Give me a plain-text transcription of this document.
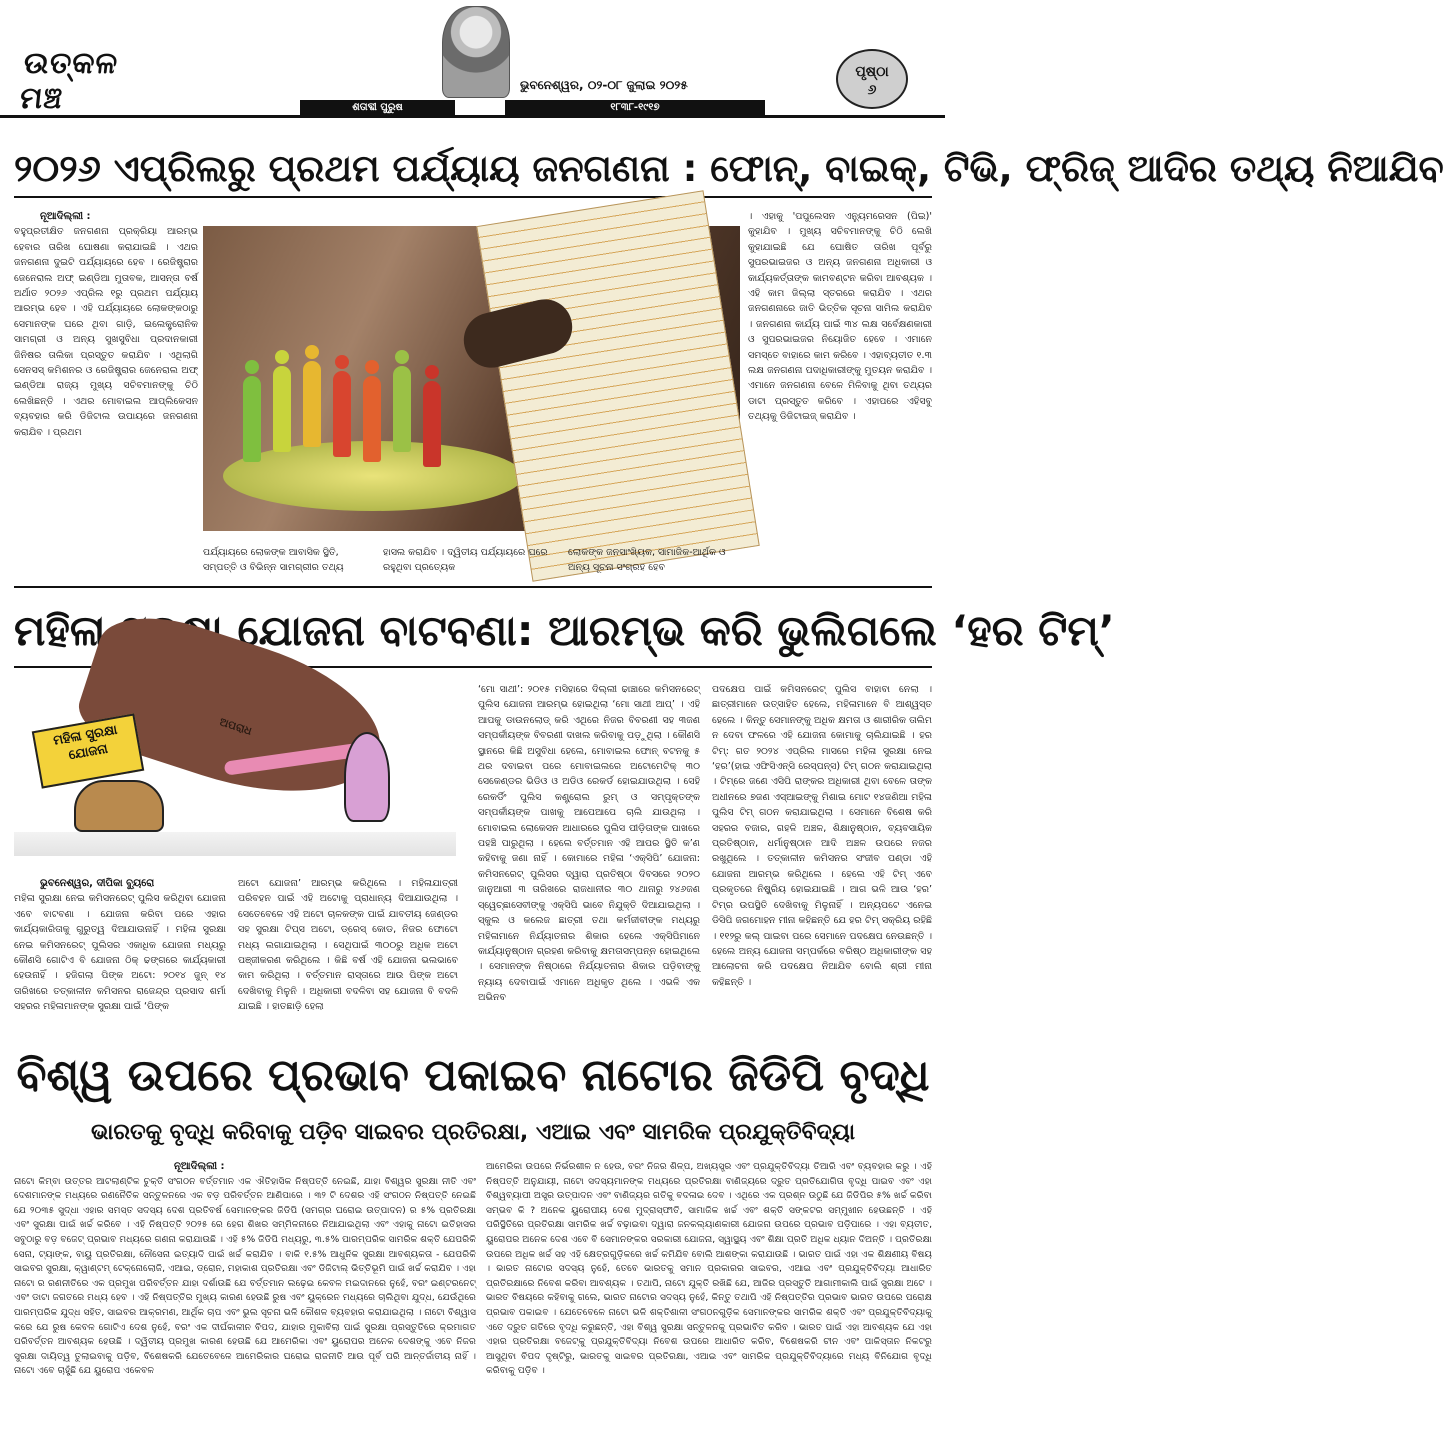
ଉତ୍କଳ ମଞ୍ଚ	ଭୁବନେଶ୍ୱର, ୦୨-୦୮ ଜୁଲାଇ ୨୦୨୫
ଶତାବ୍ଦୀ ପୁରୁଷ	୧୮୩୮-୧୯୧୭
ପୃଷ୍ଠା
୬
୨୦୨୬ ଏପ୍ରିଲରୁ ପ୍ରଥମ ପର୍ଯ୍ୟାୟ ଜନଗଣନା : ଫୋନ୍, ବାଇକ୍, ଟିଭି, ଫ୍ରିଜ୍ ଆଦିର ତଥ୍ୟ ନିଆଯିବ
ନୂଆଦିଲ୍ଲୀ :
ବହୁପ୍ରତୀକ୍ଷିତ ଜନଗଣନା ପ୍ରକ୍ରିୟା ଆରମ୍ଭ ହେବାର ତାରିଖ ଘୋଷଣା କରାଯାଇଛି । ଏଥର ଜନଗଣନା ଦୁଇଟି ପର୍ଯ୍ୟାୟରେ ହେବ । ରେଜିଷ୍ଟ୍ରାର ଜେନେରାଲ ଅଫ୍ ଇଣ୍ଡିଆ ମୁତାବକ, ଆସନ୍ତା ବର୍ଷ ଅର୍ଥାତ ୨୦୨୬ ଏପ୍ରିଲ ୧ରୁ ପ୍ରଥମ ପର୍ଯ୍ୟାୟ ଆରମ୍ଭ ହେବ । ଏହି ପର୍ଯ୍ୟାୟରେ ଲୋକଙ୍କଠାରୁ ସେମାନଙ୍କ ଘରେ ଥିବା ଗାଡ଼ି, ଇଲେକ୍ଟ୍ରୋନିକ ସାମଗ୍ରୀ ଓ ଅନ୍ୟ ସୁଖସୁବିଧା ପ୍ରଦାନକାରୀ ଜିନିଷର ତାଲିକା ପ୍ରସ୍ତୁତ କରାଯିବ । ଏଥିଲାଗି ସେନସସ୍ କମିଶନର ଓ ରେଜିଷ୍ଟ୍ରାର ଜେନେରାଲ ଅଫ୍ ଇଣ୍ଡିଆ ରାଜ୍ୟ ମୁଖ୍ୟ ସଚିବମାନଙ୍କୁ ଚିଠି ଲେଖିଛନ୍ତି । ଏଥର ମୋବାଇଲ ଆପ୍ଲିକେସନ ବ୍ୟବହାର କରି ଡିଜିଟାଲ ଉପାୟରେ ଜନଗଣନା କରାଯିବ । ପ୍ରଥମ
ପର୍ଯ୍ୟାୟରେ ଲୋକଙ୍କ ଆବାସିକ ସ୍ଥିତି, ସମ୍ପତ୍ତି ଓ ବିଭିନ୍ନ ସାମଗ୍ରୀର ତଥ୍ୟ
ହାସଲ କରାଯିବ । ଦ୍ୱିତୀୟ ପର୍ଯ୍ୟାୟରେ ଘରେ ରହୁଥିବା ପ୍ରତ୍ୟେକ
ଲୋକଙ୍କ ଜନସାଂଖ୍ୟିକ, ସାମାଜିକ-ଆର୍ଥିକ ଓ ଅନ୍ୟ ସୂଚନା ସଂଗ୍ରହ ହେବ
। ଏହାକୁ 'ପପୁଲେସନ ଏନ୍ୟୁମରେସନ (ପିଇ)' କୁହାଯିବ । ମୁଖ୍ୟ ସଚିବମାନଙ୍କୁ ଚିଠି ଲେଖି କୁହାଯାଇଛି ଯେ ଘୋଷିତ ତାରିଖ ପୂର୍ବରୁ ସୁପରଭାଇଜର ଓ ଅନ୍ୟ ଜନଗଣନା ଅଧିକାରୀ ଓ କାର୍ଯ୍ୟକର୍ତ୍ତାଙ୍କ କାମବଣ୍ଟନ କରିବା ଆବଶ୍ୟକ । ଏହି କାମ ଜିଲ୍ଲା ସ୍ତରରେ କରାଯିବ । ଏଥର ଜନଗଣନାରେ ଜାତି ଭିତ୍ତିକ ସୂଚନା ସାମିଲ କରାଯିବ । ଜନଗଣନା କାର୍ଯ୍ୟ ପାଇଁ ୩୪ ଲକ୍ଷ ସର୍ବେକ୍ଷଣକାରୀ ଓ ସୁପରଭାଇଜର ନିୟୋଜିତ ହେବେ । ଏମାନେ ସମସ୍ତେ ବାହାରେ କାମ କରିବେ । ଏହାବ୍ୟତୀତ ୧.୩ ଲକ୍ଷ ଜନଗଣନା ପଦାଧିକାରୀଙ୍କୁ ମୁତୟନ କରାଯିବ । ଏମାନେ ଜନଗଣନା ବେଳେ ମିଳିବାକୁ ଥିବା ତଥ୍ୟର ଡାଟା ପ୍ରସ୍ତୁତ କରିବେ । ଏହାପରେ ଏହିସବୁ ତଥ୍ୟକୁ ଡିଜିଟାଇଜ୍ କରାଯିବ ।
ମହିଳା ସୁରକ୍ଷା ଯୋଜନା ବାଟବଣା: ଆରମ୍ଭ କରି ଭୁଲିଗଲେ ‘ହର ଟିମ୍’
ମହିଳା ସୁରକ୍ଷା ଯୋଜନା
ଅପରାଧ
ଭୁବନେଶ୍ୱର, ଦୀପିକା ବ୍ୟୁରୋ
ମହିଳା ସୁରକ୍ଷା ନେଇ କମିସନରେଟ୍ ପୁଲିସ କରିଥିବା ଯୋଜନା ଏବେ ବାଟବଣା । ଯୋଜନା କରିବା ପରେ ଏହାର କାର୍ଯ୍ୟକାରିତାକୁ ଗୁରୁତ୍ୱ ଦିଆଯାଉନାହିଁ । ମହିଳା ସୁରକ୍ଷା ନେଇ କମିସନରେଟ୍ ପୁଲିସର ଏକାଧିକ ଯୋଜନା ମଧ୍ୟରୁ କୌଣସି ଗୋଟିଏ ବି ଯୋଜନା ଠିକ୍ ଢଙ୍ଗରେ କାର୍ଯ୍ୟକାରୀ ହେଉନାହିଁ । ହଜିଗଲା ପିଙ୍କ ଅଟୋ: ୨୦୧୪ ଜୁନ୍ ୧୪ ତାରିଖରେ ତତ୍କାଳୀନ କମିସନର ରାଜେନ୍ଦ୍ର ପ୍ରସାଦ ଶର୍ମା ସହରର ମହିଳାମାନଙ୍କ ସୁରକ୍ଷା ପାଇଁ ‘ପିଙ୍କ
ଅଟୋ ଯୋଜନା’ ଆରମ୍ଭ କରିଥିଲେ । ମହିଳାଯାତ୍ରୀ ପରିବହନ ପାଇଁ ଏହି ଅଟୋକୁ ପ୍ରାଧାନ୍ୟ ଦିଆଯାଉଥିଲା । ସେତେବେଳେ ଏହି ଅଟୋ ଚାଳକଙ୍କ ପାଇଁ ଯାବତୀୟ ଜେଣ୍ଡର ସହ ସୁରକ୍ଷା ଟିପ୍ସ ଅଟୋ, ଡ୍ରେସ୍ କୋଡ, ନିଜର ଫୋଟୋ ମଧ୍ୟ ଲଗାଯାଇଥିଲା । ସେଥିପାଇଁ ୩୦୦ରୁ ଅଧିକ ଅଟୋ ପଞ୍ଜୀକରଣ କରିଥିଲେ । କିଛି ବର୍ଷ ଏହି ଯୋଜନା ଭଲଭାବେ କାମ କରିଥିଲା । ବର୍ତ୍ତମାନ ରାସ୍ତାରେ ଆଉ ପିଙ୍କ ଅଟୋ ଦେଖିବାକୁ ମିଳୁନି । ଅଧିକାରୀ ବଦଳିବା ସହ ଯୋଜନା ବି ବଦଳି ଯାଇଛି । ହାତଛାଡ଼ି ହେଲା
‘ମୋ ସାଥୀ’: ୨୦୧୫ ମସିହାରେ ଦିଲ୍ଲୀ ଢାଞ୍ଚାରେ କମିସନରେଟ୍ ପୁଲିସ ଯୋଜନା ଆରମ୍ଭ ହୋଇଥିଲା ‘ମୋ ସାଥୀ ଆପ୍’ । ଏହି ଆପକୁ ଡାଉନଲୋଡ୍ କରି ଏଥିରେ ନିଜର ବିବରଣୀ ସହ ୩ଜଣ ସମ୍ପର୍କୀୟଙ୍କ ବିବରଣୀ ଦାଖଲ କରିବାକୁ ପଡ଼ୁଥିଲା । କୌଣସି ସ୍ଥାନରେ କିଛି ଅସୁବିଧା ହେଲେ, ମୋବାଇଲ ଫୋନ୍ ବଟନକୁ ୫ ଥର ଦବାଇବା ପରେ ମୋବାଇଲରେ ଅଟୋମେଟିକ୍ ୩୦ ସେକେଣ୍ଡର ଭିଡିଓ ଓ ଅଡିଓ ରେକର୍ଡ ହୋଇଯାଉଥିଲା । ସେହି ରେକର୍ଡିଂ ପୁଲିସ କଣ୍ଟ୍ରୋଲ ରୁମ୍ ଓ ସମ୍ପୃକ୍ତଙ୍କ ସମ୍ପର୍କୀୟଙ୍କ ପାଖକୁ ଆପେଆପେ ଚାଲି ଯାଉଥିଲା । ମୋବାଇଲ ଲୋକେସନ ଆଧାରରେ ପୁଲିସ ପୀଡ଼ିତାଙ୍କ ପାଖରେ ପହଞ୍ଚି ପାରୁଥିଲା । ହେଲେ ବର୍ତ୍ତମାନ ଏହି ଆପର ସ୍ଥିତି କ’ଣ କହିବାକୁ ଜଣା ନାହିଁ । କୋମାରେ ମହିଳା ‘ଏକ୍‌ସିପି’ ଯୋଜନା: କମିସନରେଟ୍ ପୁଲିସର ଦ୍ୱାରା ପ୍ରତିଷ୍ଠା ଦିବସରେ ୨୦୨୦ ଜାନୁଆରୀ ୩ ତାରିଖରେ ରାଜଧାନୀର ୩୦ ଥାନାରୁ ୨୪୬ଜଣ ସ୍ୱେଚ୍ଛାସେବୀଙ୍କୁ ଏକ୍‌ସିପି ଭାବେ ନିଯୁକ୍ତି ଦିଆଯାଇଥିଲା । ସ୍କୁଲ ଓ କଲେଜ ଛାତ୍ରୀ ତଥା କର୍ମଜୀବୀଙ୍କ ମଧ୍ୟରୁ ମହିଳାମାନେ ନିର୍ଯ୍ୟାତନାର ଶିକାର ହେଲେ ଏକ୍‌ସିପିମାନେ କାର୍ଯ୍ୟାନୁଷ୍ଠାନ ଗ୍ରହଣ କରିବାକୁ କ୍ଷମତାସମ୍ପନ୍ନ ହୋଇଥିଲେ । ସେମାନଙ୍କ ନିଷ୍ଠାରେ ନିର୍ଯ୍ୟାତନାର ଶିକାର ପଡ଼ିବାଙ୍କୁ ନ୍ୟାୟ ଦେବାପାଇଁ ଏମାନେ ଅଧିକୃତ ଥିଲେ । ଏଭଳି ଏକ ଅଭିନବ
ପଦକ୍ଷେପ ପାଇଁ କମିସନରେଟ୍ ପୁଲିସ ବାହାବା ନେଲା । ଛାତ୍ରୀମାନେ ଉତ୍ସାହିତ ହେଲେ, ମହିଳାମାନେ ବି ଆଶ୍ୱସ୍ତ ହେଲେ । କିନ୍ତୁ ସେମାନଙ୍କୁ ଅଧିକ କ୍ଷମତା ଓ ଶାରୀରିକ ତାଲିମ ନ ଦେବା ଫଳରେ ଏହି ଯୋଜନା କୋମାକୁ ଚାଲିଯାଇଛି । ହର ଟିମ୍: ଗତ ୨୦୨୪ ଏପ୍ରିଲ ମାସରେ ମହିଳା ସୁରକ୍ଷା ନେଇ ‘ହର’(ହାଇ ଏଫିସିଏନ୍ସି ରେସ୍ପନ୍ସ) ଟିମ୍ ଗଠନ କରାଯାଇଥିଲା । ଟିମ୍‌ରେ ଜଣେ ଏସିପି ରାଙ୍କର ଅଧିକାରୀ ଥିବା ବେଳେ ତାଙ୍କ ଅଧୀନରେ ୭ଜଣ ଏସ୍‌ଆଇଙ୍କୁ ମିଶାଇ ମୋଟ ୧୪ଜଣିଆ ମହିଳା ପୁଲିସ ଟିମ୍ ଗଠନ କରାଯାଇଥିଲା । ସେମାନେ ବିଶେଷ କରି ସହରର ବଜାର, ଗହଳି ଅଞ୍ଚଳ, ଶିକ୍ଷାନୁଷ୍ଠାନ, ବ୍ୟବସାୟିକ ପ୍ରତିଷ୍ଠାନ, ଧର୍ମାନୁଷ୍ଠାନ ଆଦି ଅଞ୍ଚଳ ଉପରେ ନଜର ରଖୁଥିଲେ । ତତ୍କାଳୀନ କମିସନର ସଂଜୀବ ପଣ୍ଡା ଏହି ଯୋଜନା ଆରମ୍ଭ କରିଥିଲେ । ହେଲେ ଏହି ଟିମ୍ ଏବେ ପ୍ରକୃତରେ ନିଷ୍କ୍ରିୟ ହୋଇଯାଇଛି । ଆଗ ଭଳି ଆଉ ‘ହର’ ଟିମ୍‌ର ଉପସ୍ଥିତି ଦେଖିବାକୁ ମିଳୁନାହିଁ । ଅନ୍ୟପଟେ ଏନେଇ ଡିସିପି ଜଗମୋହନ ମୀନା କହିଛନ୍ତି ଯେ ହର ଟିମ୍ ସକ୍ରିୟ ରହିଛି । ୧୧୨ରୁ କଲ୍ ପାଇବା ପରେ ସେମାନେ ପଦକ୍ଷେପ ନେଉଛନ୍ତି । ହେଲେ ଅନ୍ୟ ଯୋଜନା ସମ୍ପର୍କରେ ବରିଷ୍ଠ ଅଧିକାରୀଙ୍କ ସହ ଆଲୋଚନା କରି ପଦକ୍ଷେପ ନିଆଯିବ ବୋଲି ଶ୍ରୀ ମୀନା କହିଛନ୍ତି ।
ବିଶ୍ୱ ଉପରେ ପ୍ରଭାବ ପକାଇବ ନାଟୋର ଜିଡିପି ବୃଦ୍ଧି
ଭାରତକୁ ବୃଦ୍ଧି କରିବାକୁ ପଡ଼ିବ ସାଇବର ପ୍ରତିରକ୍ଷା, ଏଆଇ ଏବଂ ସାମରିକ ପ୍ରଯୁକ୍ତିବିଦ୍ୟା
ନୂଆଦିଲ୍ଲୀ :
ନାଟୋ କିମ୍ବା ଉତ୍ତର ଆଟଲାଣ୍ଟିକ ଚୁକ୍ତି ସଂଗଠନ ବର୍ତ୍ତମାନ ଏକ ଐତିହାସିକ ନିଷ୍ପତ୍ତି ନେଇଛି, ଯାହା ବିଶ୍ୱର ସୁରକ୍ଷା ନୀତି ଏବଂ ଦେଶମାନଙ୍କ ମଧ୍ୟରେ ରଣନୈତିକ ସନ୍ତୁଳନରେ ଏକ ବଡ଼ ପରିବର୍ତ୍ତନ ଆଣିପାରେ । ୩୨ ଟି ଦେଶର ଏହି ସଂଗଠନ ନିଷ୍ପତ୍ତି ନେଇଛି ଯେ ୨୦୩୫ ସୁଦ୍ଧା ଏହାର ସମସ୍ତ ସଦସ୍ୟ ଦେଶ ପ୍ରତିବର୍ଷ ସେମାନଙ୍କର ଜିଡିପି (ସମଗ୍ର ଘରୋଇ ଉତ୍ପାଦନ) ର ୫% ପ୍ରତିରକ୍ଷା ଏବଂ ସୁରକ୍ଷା ପାଇଁ ଖର୍ଚ୍ଚ କରିବେ । ଏହି ନିଷ୍ପତ୍ତି ୨୦୨୫ ରେ ହେଗ ଶିଖର ସମ୍ମିଳନୀରେ ନିଆଯାଇଥିଲା ଏବଂ ଏହାକୁ ନାଟୋ ଇତିହାସର ସବୁଠାରୁ ବଡ଼ ବଜେଟ୍ ପ୍ରଭାବ ମଧ୍ୟରେ ଗଣନା କରାଯାଉଛି । ଏହି ୫% ଜିଡିପି ମଧ୍ୟରୁ, ୩.୫% ପାରମ୍ପରିକ ସାମରିକ ଶକ୍ତି ଯେପରିକି ସେନା, ଟ୍ୟାଙ୍କ, ବାୟୁ ପ୍ରତିରକ୍ଷା, ନୌସେନା ଇତ୍ୟାଦି ପାଇଁ ଖର୍ଚ୍ଚ କରାଯିବ । ବାକି ୧.୫% ଆଧୁନିକ ସୁରକ୍ଷା ଆବଶ୍ୟକତା - ଯେପରିକି ସାଇବର ସୁରକ୍ଷା, କ୍ୱାଣ୍ଟମ୍ ଟେକ୍ନୋଲୋଜି, ଏଆଇ, ଡ୍ରୋନ, ମହାକାଶ ପ୍ରତିରକ୍ଷା ଏବଂ ଡିଜିଟାଲ୍ ଭିତ୍ତିଭୂମି ପାଇଁ ଖର୍ଚ୍ଚ କରାଯିବ । ଏହା ନାଟୋ ର ରଣନୀତିରେ ଏକ ପ୍ରମୁଖ ପରିବର୍ତ୍ତନ ଯାହା ଦର୍ଶାଉଛି ଯେ ବର୍ତ୍ତମାନ ଲଢ଼େଇ କେବଳ ମଇଦାନରେ ନୁହେଁ, ବରଂ ଇଣ୍ଟରନେଟ୍ ଏବଂ ଡାଟା ଜଗତରେ ମଧ୍ୟ ହେବ । ଏହି ନିଷ୍ପତ୍ତିର ମୁଖ୍ୟ କାରଣ ହେଉଛି ରୁଷ ଏବଂ ୟୁକ୍ରେନ ମଧ୍ୟରେ ଚାଲିଥିବା ଯୁଦ୍ଧ, ଯେଉଁଥିରେ ପାରମ୍ପରିକ ଯୁଦ୍ଧ ସହିତ, ସାଇବର ଆକ୍ରମଣ, ଆର୍ଥିକ ଚାପ ଏବଂ ଭୁଲ ସୂଚନା ଭଳି କୌଶଳ ବ୍ୟବହାର କରାଯାଇଥିଲା । ନାଟୋ ବିଶ୍ୱାସ କରେ ଯେ ରୁଷ କେବଳ ଗୋଟିଏ ଦେଶ ନୁହେଁ, ବରଂ ଏକ ଦୀର୍ଘକାଳୀନ ବିପଦ, ଯାହାର ମୁକାବିଲା ପାଇଁ ସୁରକ୍ଷା ପ୍ରସ୍ତୁତିରେ କ୍ରମାଗତ ପରିବର୍ତ୍ତନ ଆବଶ୍ୟକ ହେଉଛି । ଦ୍ୱିତୀୟ ପ୍ରମୁଖ କାରଣ ହେଉଛି ଯେ ଆମେରିକା ଏବଂ ୟୁରୋପର ଅନେକ ଦେଶଙ୍କୁ ଏବେ ନିଜର ସୁରକ୍ଷା ଦାୟିତ୍ୱ ତୁଲାଇବାକୁ ପଡ଼ିବ, ବିଶେଷକରି ଯେତେବେଳେ ଆମେରିକାର ଘରୋଇ ରାଜନୀତି ଆଉ ପୂର୍ବ ପରି ଆନ୍ତର୍ଜାତୀୟ ନାହିଁ । ନାଟୋ ଏବେ ଚାହୁଁଛି ଯେ ୟୁରୋପ ଏକେବଳ
ଆମେରିକା ଉପରେ ନିର୍ଭରଶୀଳ ନ ହେଉ, ବରଂ ନିଜର ଶିଳ୍ପ, ଅଖ୍ୟସ୍ତ୍ର ଏବଂ ପ୍ରଯୁକ୍ତିବିଦ୍ୟା ତିଆରି ଏବଂ ବ୍ୟବହାର କରୁ । ଏହି ନିଷ୍ପତ୍ତି ଅନୁଯାୟୀ, ନାଟୋ ସଦସ୍ୟମାନଙ୍କ ମଧ୍ୟରେ ପ୍ରତିରକ୍ଷା ବାଣିଜ୍ୟରେ ଦ୍ରୁତ ପ୍ରତିଯୋଗିତା ବୃଦ୍ଧି ପାଇବ ଏବଂ ଏହା ବିଶ୍ୱବ୍ୟାପୀ ଅସ୍ତ୍ର ଉତ୍ପାଦନ ଏବଂ ବାଣିଜ୍ୟର ଗତିକୁ ବଦଳାଇ ଦେବ । ଏଥିରେ ଏକ ପ୍ରଶ୍ନ ଉଠୁଛି ଯେ ଜିଡିପିର ୫% ଖର୍ଚ୍ଚ କରିବା ସମ୍ଭବ କି ? ଅନେକ ୟୁରୋପୀୟ ଦେଶ ମୁଦ୍ରାସ୍ଫୀତି, ସାମାଜିକ ଖର୍ଚ୍ଚ ଏବଂ ଶକ୍ତି ସଙ୍କଟର ସମ୍ମୁଖୀନ ହେଉଛନ୍ତି । ଏହି ପରିସ୍ଥିତିରେ ପ୍ରତିରକ୍ଷା ସାମରିକ ଖର୍ଚ୍ଚ ବଢ଼ାଇବା ଦ୍ୱାରା ଜନକଲ୍ୟାଣକାରୀ ଯୋଜନା ଉପରେ ପ୍ରଭାବ ପଡ଼ିପାରେ । ଏହା ବ୍ୟତୀତ, ୟୁରୋପର ଅନେକ ଦେଶ ଏବେ ବି ସେମାନଙ୍କର ସରକାରୀ ଯୋଜନା, ସ୍ୱାସ୍ଥ୍ୟ ଏବଂ ଶିକ୍ଷା ପ୍ରତି ଅଧିକ ଧ୍ୟାନ ଦିଅନ୍ତି । ପ୍ରତିରକ୍ଷା ଉପରେ ଅଧିକ ଖର୍ଚ୍ଚ ସହ ଏହି କ୍ଷେତ୍ରଗୁଡ଼ିକରେ ଖର୍ଚ୍ଚ କମିଯିବ ବୋଲି ଆଶଙ୍କା କରାଯାଉଛି । ଭାରତ ପାଇଁ ଏହା ଏକ ଶିକ୍ଷଣୀୟ ବିଷୟ । ଭାରତ ନାଟୋର ସଦସ୍ୟ ନୁହେଁ, ତେବେ ଭାରତକୁ ସମାନ ପ୍ରକାରର ସାଇବର, ଏଆଇ ଏବଂ ପ୍ରଯୁକ୍ତିବିଦ୍ୟା ଆଧାରିତ ପ୍ରତିରକ୍ଷାରେ ନିବେଶ କରିବା ଆବଶ୍ୟକ । ତଥାପି, ନାଟୋ ଯୁକ୍ତି ରଖିଛି ଯେ, ଆଜିର ପ୍ରସ୍ତୁତି ଆଗାମୀକାଲି ପାଇଁ ସୁରକ୍ଷା ଅଟେ । ଭାରତ ବିଷୟରେ କହିବାକୁ ଗଲେ, ଭାରତ ନାଟୋର ସଦସ୍ୟ ନୁହେଁ, କିନ୍ତୁ ତଥାପି ଏହି ନିଷ୍ପତ୍ତିର ପ୍ରଭାବ ଭାରତ ଉପରେ ପରୋକ୍ଷ ପ୍ରଭାବ ପକାଇବ । ଯେତେବେଳେ ନାଟୋ ଭଳି ଶକ୍ତିଶାଳୀ ସଂଗଠନଗୁଡ଼ିକ ସେମାନଙ୍କର ସାମରିକ ଶକ୍ତି ଏବଂ ପ୍ରଯୁକ୍ତିବିଦ୍ୟାକୁ ଏତେ ଦ୍ରୁତ ଗତିରେ ବୃଦ୍ଧି କରୁଛନ୍ତି, ଏହା ବିଶ୍ୱ ସୁରକ୍ଷା ସନ୍ତୁଳନକୁ ପ୍ରଭାବିତ କରିବ । ଭାରତ ପାଇଁ ଏହା ଆବଶ୍ୟକ ଯେ ଏହା ଏହାର ପ୍ରତିରକ୍ଷା ବଜେଟ୍‌କୁ ପ୍ରଯୁକ୍ତିବିଦ୍ୟା ନିବେଶ ଉପରେ ଆଧାରିତ କରିବ, ବିଶେଷକରି ଚୀନ ଏବଂ ପାକିସ୍ତାନ ନିକଟରୁ ଆସୁଥିବା ବିପଦ ଦୃଷ୍ଟିରୁ, ଭାରତକୁ ସାଇବର ପ୍ରତିରକ୍ଷା, ଏଆଇ ଏବଂ ସାମରିକ ପ୍ରଯୁକ୍ତିବିଦ୍ୟାରେ ମଧ୍ୟ ବିନିଯୋଗ ବୃଦ୍ଧି କରିବାକୁ ପଡ଼ିବ ।
